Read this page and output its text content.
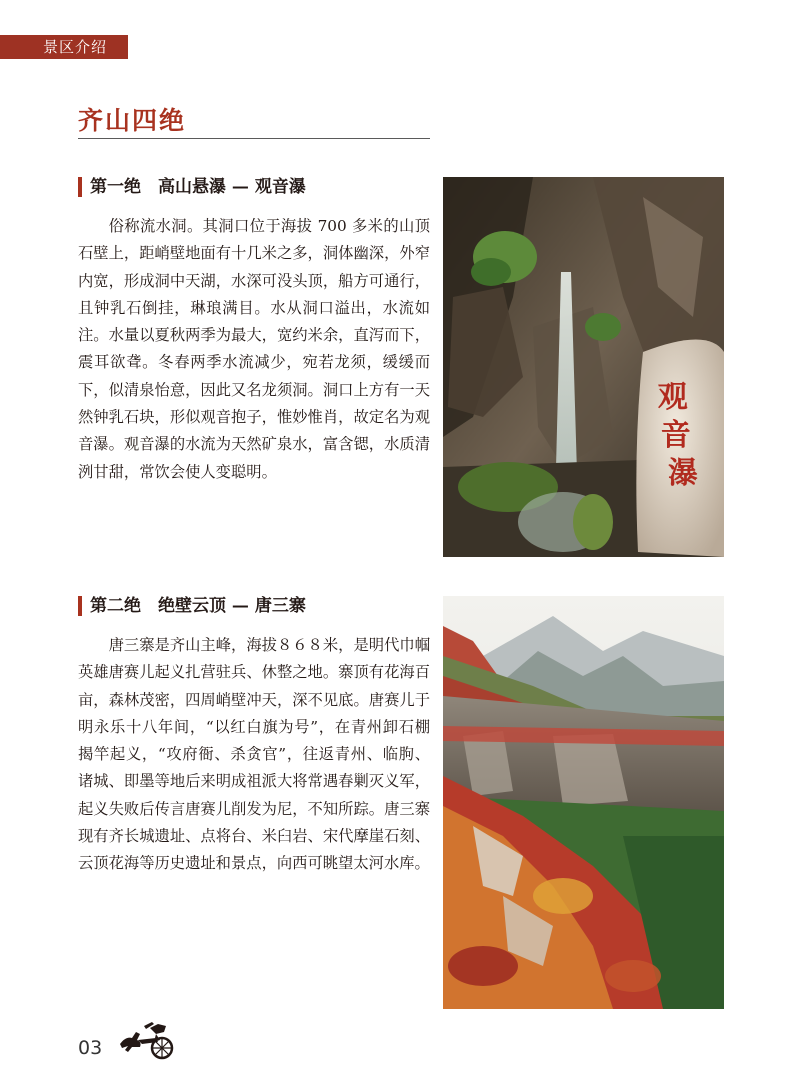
景区介绍
齐山四绝
第一绝　高山悬瀑 — 观音瀑

俗称流水洞。其洞口位于海拔 700 多米的山顶石壁上，距峭壁地面有十几米之多，洞体幽深，外窄内宽，形成洞中天湖，水深可没头顶，船方可通行，且钟乳石倒挂，琳琅满目。水从洞口溢出，水流如注。水量以夏秋两季为最大，宽约米余，直泻而下，震耳欲聋。冬春两季水流减少，宛若龙须，缓缓而下，似清泉怡意，因此又名龙须洞。洞口上方有一天然钟乳石块，形似观音抱子，惟妙惟肖，故定名为观音瀑。观音瀑的水流为天然矿泉水，富含锶，水质清洌甘甜，常饮会使人变聪明。

观 音 瀑
第二绝　绝壁云顶 — 唐三寨

唐三寨是齐山主峰，海拔８６８米，是明代巾帼英雄唐赛儿起义扎营驻兵、休整之地。寨顶有花海百亩，森林茂密，四周峭壁冲天，深不见底。唐赛儿于明永乐十八年间，“以红白旗为号”，在青州卸石棚揭竿起义，“攻府衙、杀贪官”，往返青州、临朐、诸城、即墨等地后来明成祖派大将常遇春剿灭义军，起义失败后传言唐赛儿削发为尼，不知所踪。唐三寨现有齐长城遗址、点将台、米臼岩、宋代摩崖石刻、云顶花海等历史遗址和景点，向西可眺望太河水库。

03
